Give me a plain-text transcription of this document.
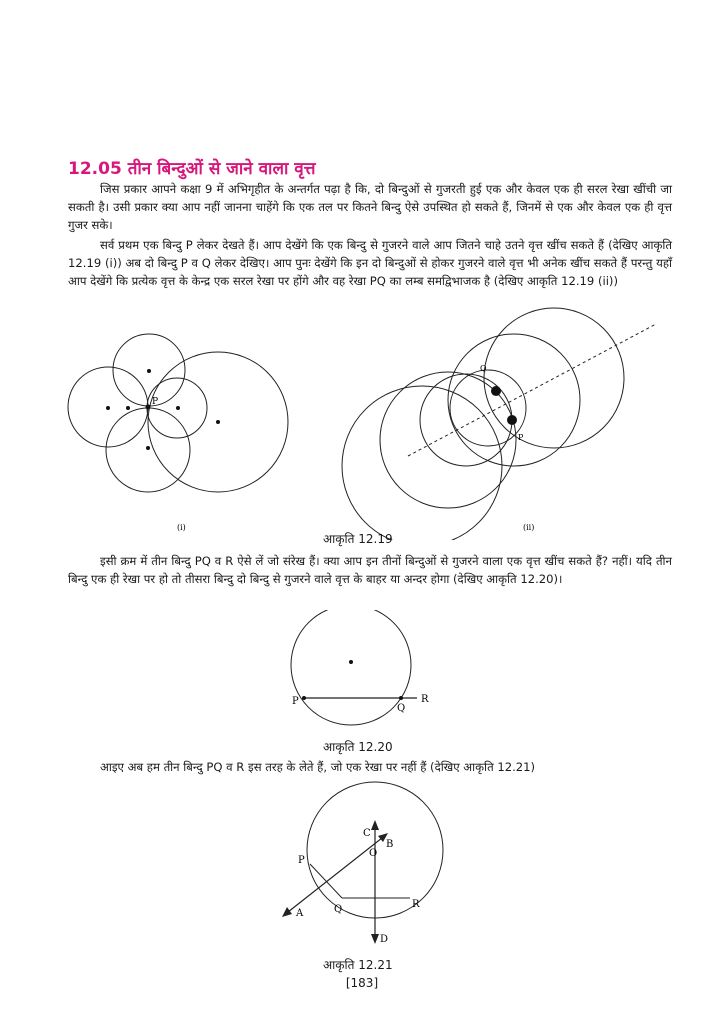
12.05 तीन बिन्दुओं से जाने वाला वृत्त
जिस प्रकार आपने कक्षा 9 में अभिगृहीत के अन्तर्गत पढ़ा है कि, दो बिन्दुओं से गुजरती हुई एक और केवल एक ही सरल रेखा खींची जा सकती है। उसी प्रकार क्या आप नहीं जानना चाहेंगे कि एक तल पर कितने बिन्दु ऐसे उपस्थित हो सकते हैं, जिनमें से एक और केवल एक ही वृत्त गुजर सके।
सर्व प्रथम एक बिन्दु P लेकर देखते हैं। आप देखेंगे कि एक बिन्दु से गुजरने वाले आप जितने चाहे उतने वृत्त खींच सकते हैं (देखिए आकृति 12.19 (i)) अब दो बिन्दु P व Q लेकर देखिए। आप पुनः देखेंगे कि इन दो बिन्दुओं से होकर गुजरने वाले वृत्त भी अनेक खींच सकते हैं परन्तु यहाँ आप देखेंगे कि प्रत्येक वृत्त के केन्द्र एक सरल रेखा पर होंगे और वह रेखा PQ का लम्ब समद्विभाजक है (देखिए आकृति 12.19 (ii))
P
(i)
Q
P
(ii)
आकृति 12.19
इसी क्रम में तीन बिन्दु PQ व R ऐसे लें जो संरेख हैं। क्या आप इन तीनों बिन्दुओं से गुजरने वाला एक वृत्त खींच सकते हैं? नहीं। यदि तीन बिन्दु एक ही रेखा पर हो तो तीसरा बिन्दु दो बिन्दु से गुजरने वाले वृत्त के बाहर या अन्दर होगा (देखिए आकृति 12.20)।
P
Q
R
आकृति 12.20
आइए अब हम तीन बिन्दु PQ व R इस तरह के लेते हैं, जो एक रेखा पर नहीं हैं (देखिए आकृति 12.21)
P
Q	R
A
B
C
D
O
आकृति 12.21
[183]
